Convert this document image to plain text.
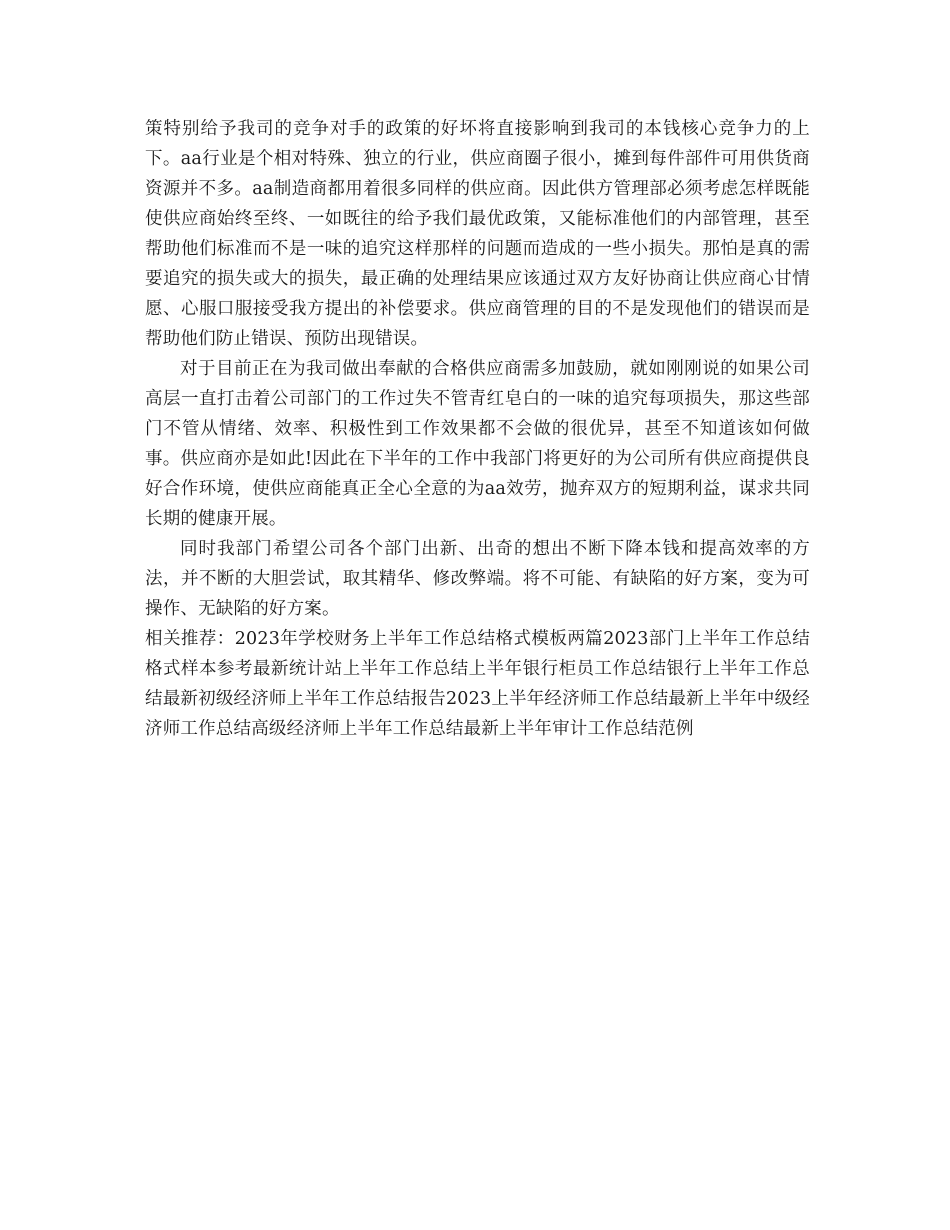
策特别给予我司的竞争对手的政策的好坏将直接影响到我司的本钱核心竞争力的上下。aa行业是个相对特殊、独立的行业，供应商圈子很小，摊到每件部件可用供货商资源并不多。aa制造商都用着很多同样的供应商。因此供方管理部必须考虑怎样既能使供应商始终至终、一如既往的给予我们最优政策，又能标准他们的内部管理，甚至帮助他们标准而不是一味的追究这样那样的问题而造成的一些小损失。那怕是真的需要追究的损失或大的损失，最正确的处理结果应该通过双方友好协商让供应商心甘情愿、心服口服接受我方提出的补偿要求。供应商管理的目的不是发现他们的错误而是帮助他们防止错误、预防出现错误。

对于目前正在为我司做出奉献的合格供应商需多加鼓励，就如刚刚说的如果公司高层一直打击着公司部门的工作过失不管青红皂白的一味的追究每项损失，那这些部门不管从情绪、效率、积极性到工作效果都不会做的很优异，甚至不知道该如何做事。供应商亦是如此!因此在下半年的工作中我部门将更好的为公司所有供应商提供良好合作环境，使供应商能真正全心全意的为aa效劳，抛弃双方的短期利益，谋求共同长期的健康开展。

同时我部门希望公司各个部门出新、出奇的想出不断下降本钱和提高效率的方法，并不断的大胆尝试，取其精华、修改弊端。将不可能、有缺陷的好方案，变为可操作、无缺陷的好方案。

相关推荐：2023年学校财务上半年工作总结格式模板两篇2023部门上半年工作总结格式样本参考最新统计站上半年工作总结上半年银行柜员工作总结银行上半年工作总结最新初级经济师上半年工作总结报告2023上半年经济师工作总结最新上半年中级经济师工作总结高级经济师上半年工作总结最新上半年审计工作总结范例
